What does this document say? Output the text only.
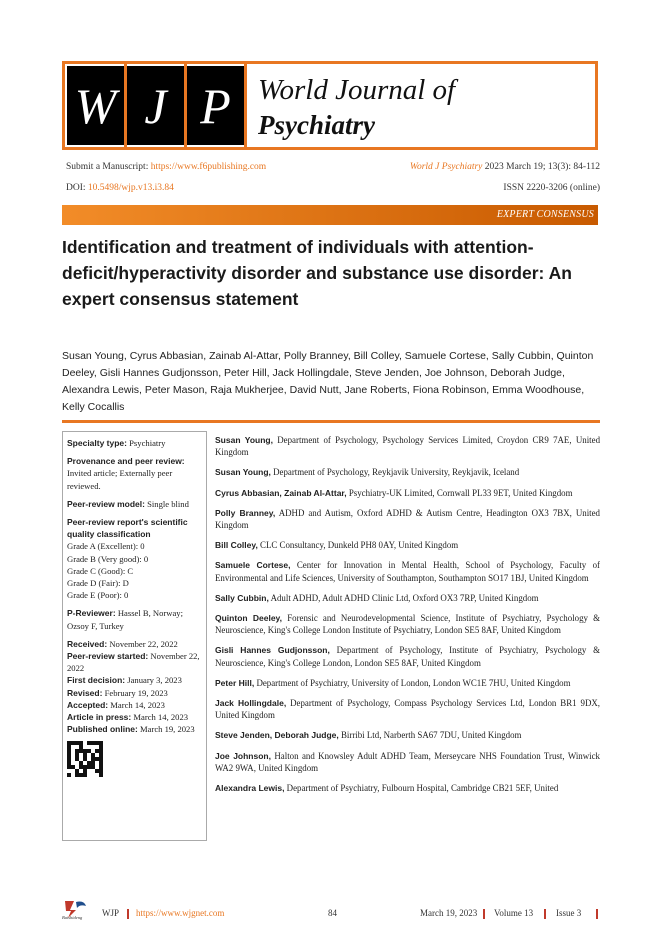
W J P World Journal of
Psychiatry
Submit a Manuscript: https://www.f6publishing.com	World J Psychiatry 2023 March 19; 13(3): 84-112
DOI: 10.5498/wjp.v13.i3.84	ISSN 2220-3206 (online)
EXPERT CONSENSUS
Identification and treatment of individuals with attention-deficit/hyperactivity disorder and substance use disorder: An expert consensus statement
Susan Young, Cyrus Abbasian, Zainab Al-Attar, Polly Branney, Bill Colley, Samuele Cortese, Sally Cubbin, Quinton Deeley, Gisli Hannes Gudjonsson, Peter Hill, Jack Hollingdale, Steve Jenden, Joe Johnson, Deborah Judge, Alexandra Lewis, Peter Mason, Raja Mukherjee, David Nutt, Jane Roberts, Fiona Robinson, Emma Woodhouse, Kelly Cocallis
Specialty type: Psychiatry
Provenance and peer review:
Invited article; Externally peer reviewed.
Peer-review model: Single blind
Peer-review report's scientific quality classification
Grade A (Excellent): 0
Grade B (Very good): 0
Grade C (Good): C
Grade D (Fair): D
Grade E (Poor): 0
P-Reviewer: Hassel B, Norway; Ozsoy F, Turkey
Received: November 22, 2022
Peer-review started: November 22, 2022
First decision: January 3, 2023
Revised: February 19, 2023
Accepted: March 14, 2023
Article in press: March 14, 2023
Published online: March 19, 2023
Susan Young, Department of Psychology, Psychology Services Limited, Croydon CR9 7AE, United Kingdom
Susan Young, Department of Psychology, Reykjavik University, Reykjavik, Iceland
Cyrus Abbasian, Zainab Al-Attar, Psychiatry-UK Limited, Cornwall PL33 9ET, United Kingdom
Polly Branney, ADHD and Autism, Oxford ADHD & Autism Centre, Headington OX3 7BX, United Kingdom
Bill Colley, CLC Consultancy, Dunkeld PH8 0AY, United Kingdom
Samuele Cortese, Center for Innovation in Mental Health, School of Psychology, Faculty of Environmental and Life Sciences, University of Southampton, Southampton SO17 1BJ, United Kingdom
Sally Cubbin, Adult ADHD, Adult ADHD Clinic Ltd, Oxford OX3 7RP, United Kingdom
Quinton Deeley, Forensic and Neurodevelopmental Science, Institute of Psychiatry, Psychology & Neuroscience, King's College London Institute of Psychiatry, London SE5 8AF, United Kingdom
Gisli Hannes Gudjonsson, Department of Psychology, Institute of Psychiatry, Psychology & Neuroscience, King's College London, London SE5 8AF, United Kingdom
Peter Hill, Department of Psychiatry, University of London, London WC1E 7HU, United Kingdom
Jack Hollingdale, Department of Psychology, Compass Psychology Services Ltd, London BR1 9DX, United Kingdom
Steve Jenden, Deborah Judge, Birribi Ltd, Narberth SA67 7DU, United Kingdom
Joe Johnson, Halton and Knowsley Adult ADHD Team, Merseycare NHS Foundation Trust, Winwick WA2 9WA, United Kingdom
Alexandra Lewis, Department of Psychiatry, Fulbourn Hospital, Cambridge CB21 5EF, United
Baishideng WJP https://www.wjgnet.com	84	March 19, 2023 Volume 13	Issue 3
